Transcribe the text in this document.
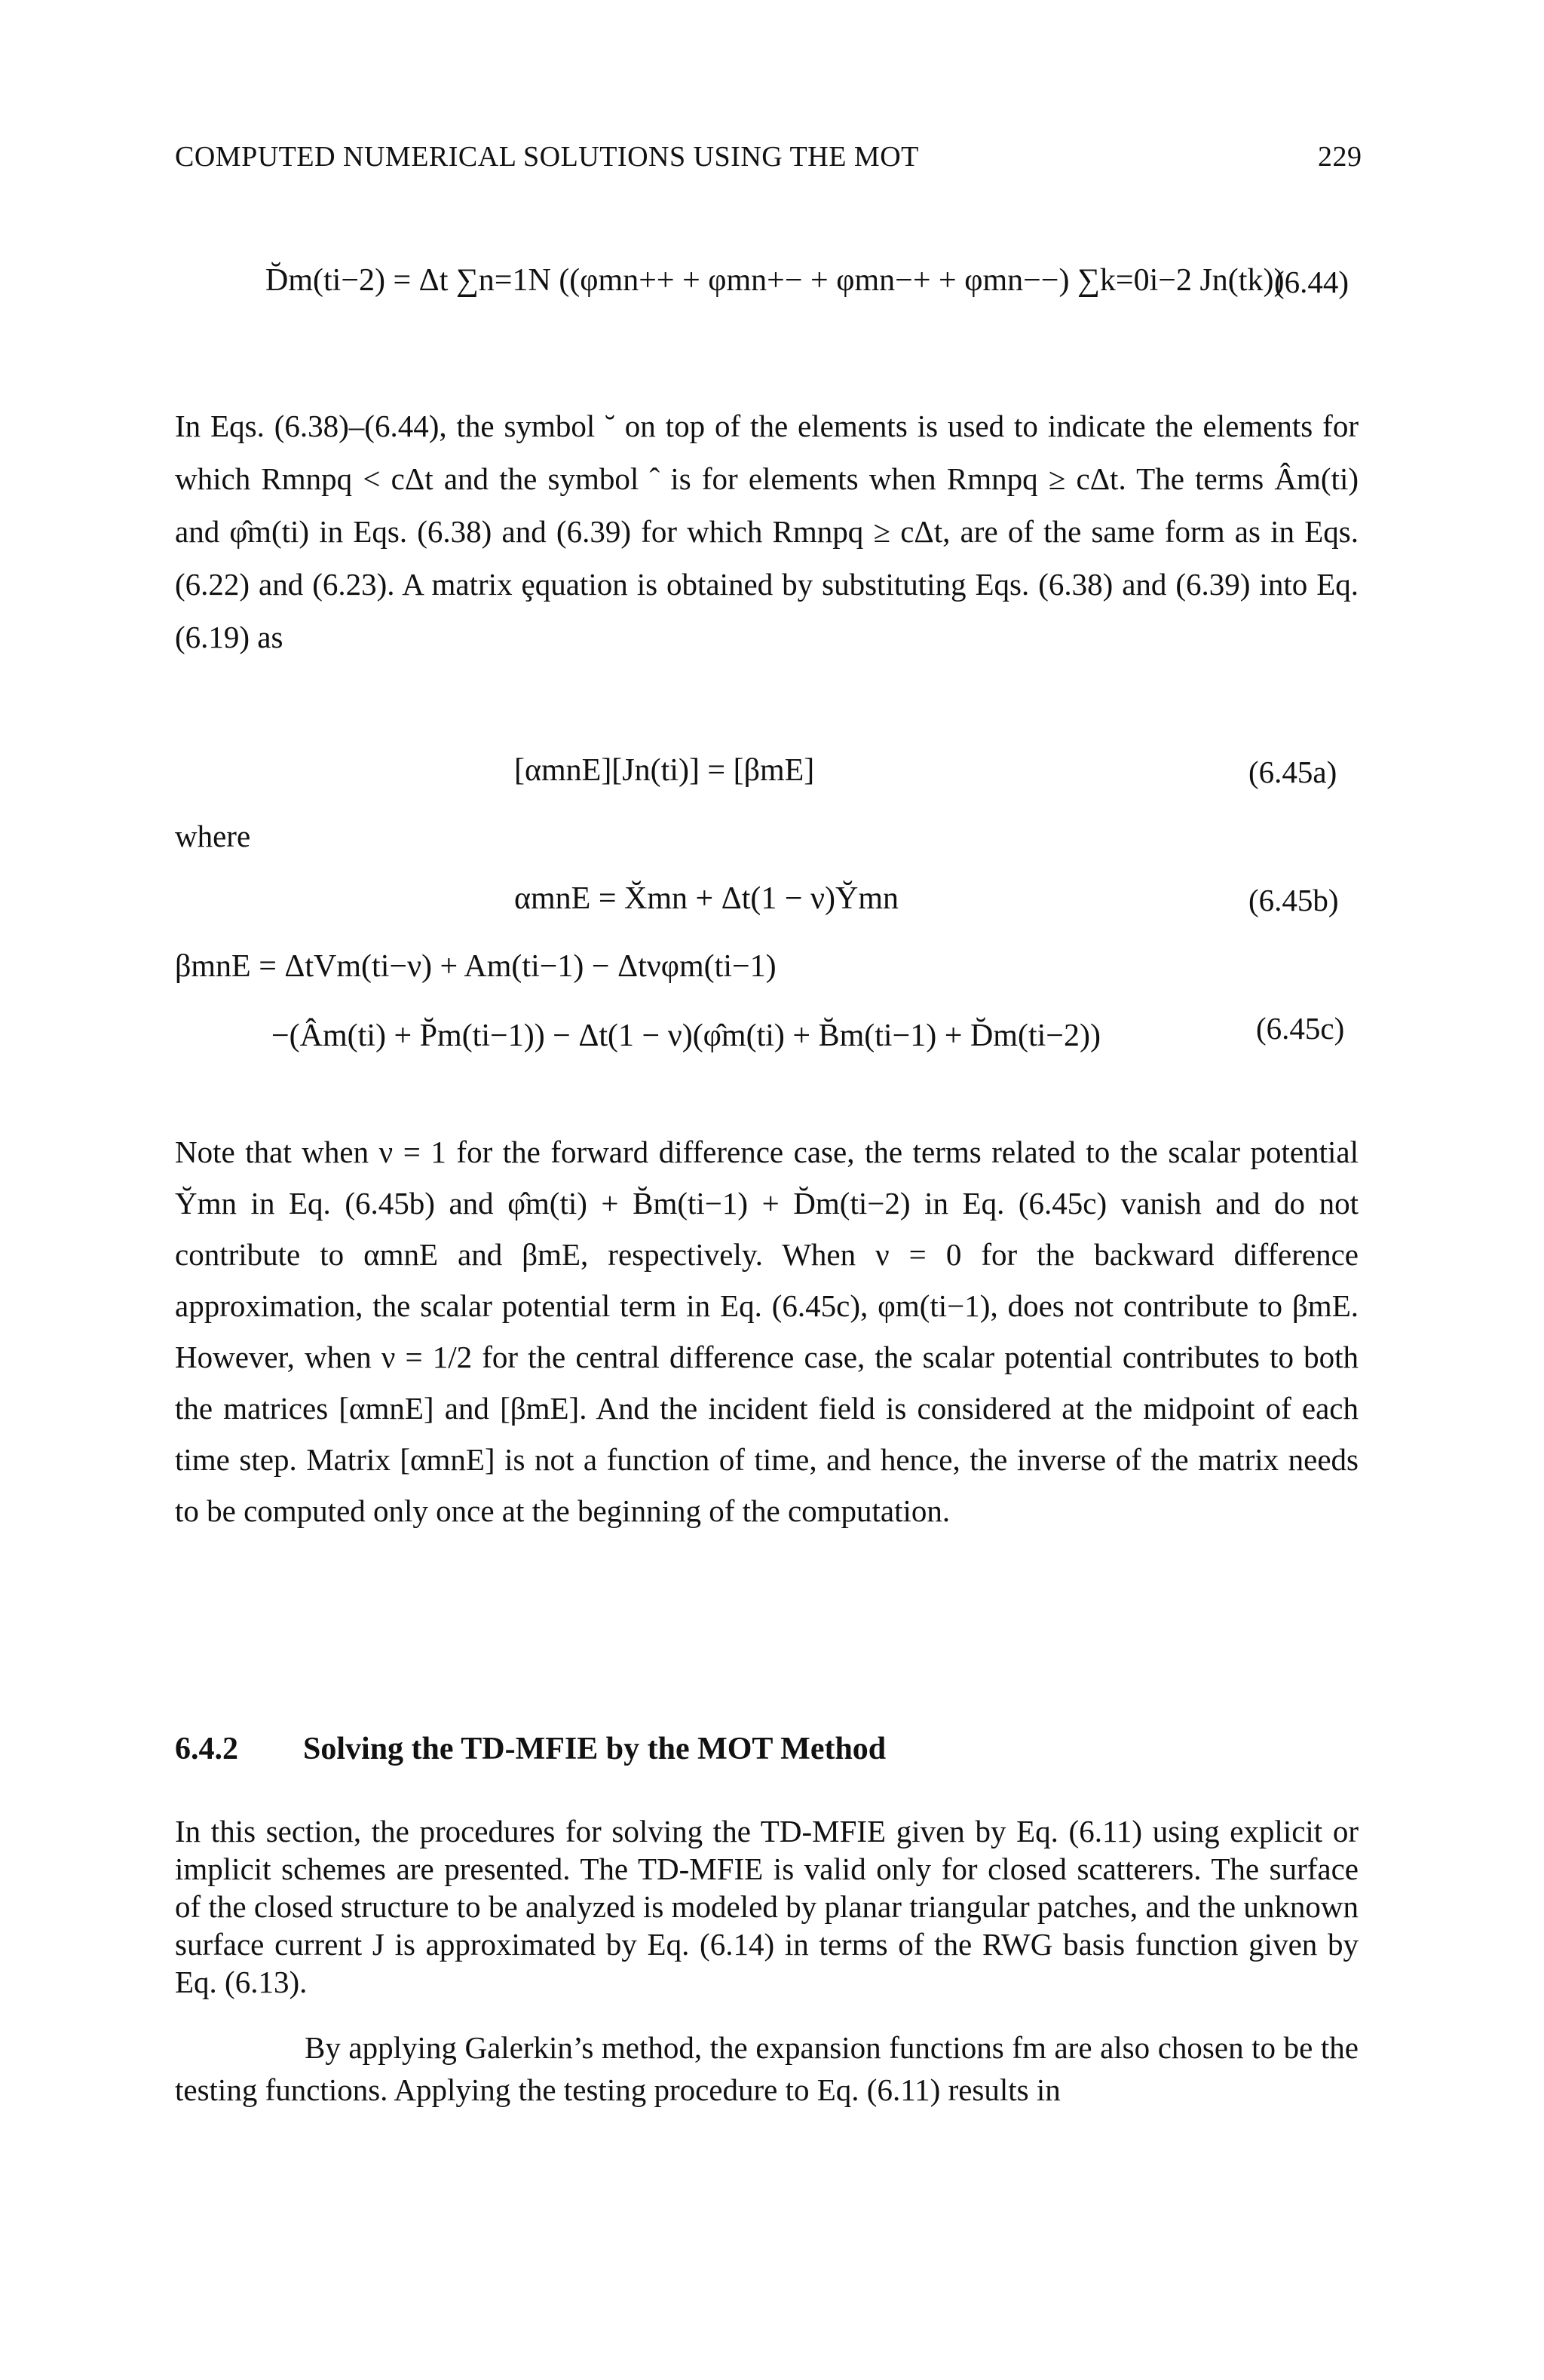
COMPUTED NUMERICAL SOLUTIONS USING THE MOT	229
D̆m(ti−2) = Δt ∑n=1N ((φmn++ + φmn+− + φmn−+ + φmn−−) ∑k=0i−2 Jn(tk))
(6.44)
In Eqs. (6.38)–(6.44), the symbol ˘ on top of the elements is used to indicate the elements for which Rmnpq < cΔt and the symbol ˆ is for elements when Rmnpq ≥ cΔt. The terms Âm(ti) and φ̂m(ti) in Eqs. (6.38) and (6.39) for which Rmnpq ≥ cΔt, are of the same form as in Eqs. (6.22) and (6.23). A matrix ȩquation is obtained by substituting Eqs. (6.38) and (6.39) into Eq. (6.19) as
[αmnE][Jn(ti)] = [βmE]	(6.45a)
where
αmnE = X̆mn + Δt(1 − ν)Y̆mn	(6.45b)
βmnE = ΔtVm(ti−ν) + Am(ti−1) − Δtνφm(ti−1)
−(Âm(ti) + P̆m(ti−1)) − Δt(1 − ν)(φ̂m(ti) + B̆m(ti−1) + D̆m(ti−2))	(6.45c)
Note that when ν = 1 for the forward difference case, the terms related to the scalar potential Y̆mn in Eq. (6.45b) and φ̂m(ti) + B̆m(ti−1) + D̆m(ti−2) in Eq. (6.45c) vanish and do not contribute to αmnE and βmE, respectively. When ν = 0 for the backward difference approximation, the scalar potential term in Eq. (6.45c), φm(ti−1), does not contribute to βmE. However, when ν = 1/2 for the central difference case, the scalar potential contributes to both the matrices [αmnE] and [βmE]. And the incident field is considered at the midpoint of each time step. Matrix [αmnE] is not a function of time, and hence, the inverse of the matrix needs to be computed only once at the beginning of the computation.
6.4.2 Solving the TD-MFIE by the MOT Method
In this section, the procedures for solving the TD-MFIE given by Eq. (6.11) using explicit or implicit schemes are presented. The TD-MFIE is valid only for closed scatterers. The surface of the closed structure to be analyzed is modeled by planar triangular patches, and the unknown surface current J is approximated by Eq. (6.14) in terms of the RWG basis function given by Eq. (6.13).
By applying Galerkin’s method, the expansion functions fm are also chosen to be the testing functions. Applying the testing procedure to Eq. (6.11) results in
